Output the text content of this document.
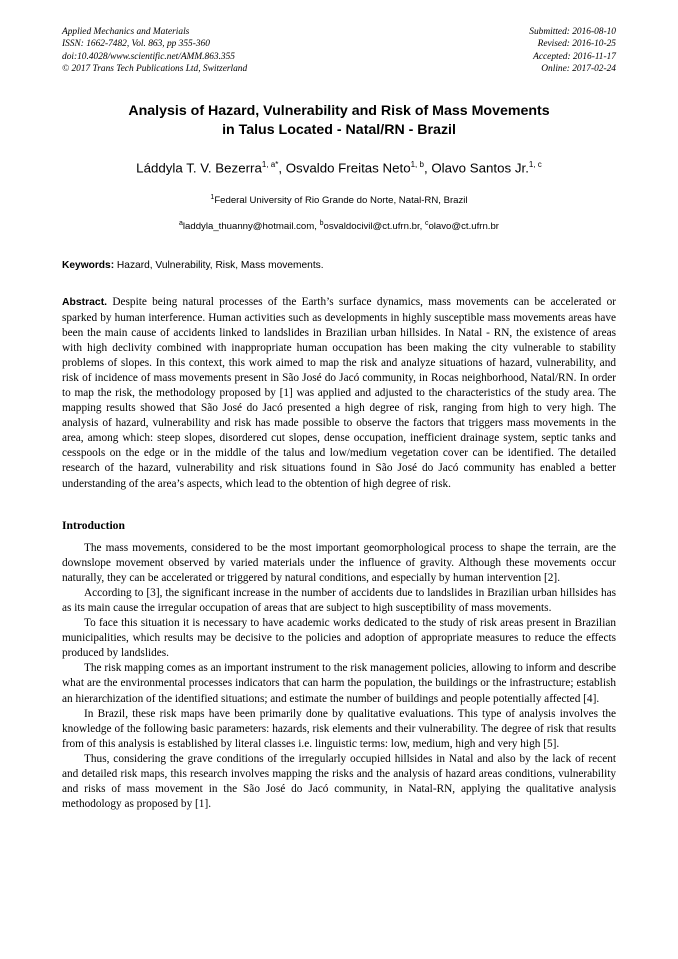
Applied Mechanics and Materials
ISSN: 1662-7482, Vol. 863, pp 355-360
doi:10.4028/www.scientific.net/AMM.863.355
© 2017 Trans Tech Publications Ltd, Switzerland
Submitted: 2016-08-10
Revised: 2016-10-25
Accepted: 2016-11-17
Online: 2017-02-24
Analysis of Hazard, Vulnerability and Risk of Mass Movements
in Talus Located - Natal/RN - Brazil
Láddyla T. V. Bezerra$^{1, a*}$, Osvaldo Freitas Neto$^{1, b}$, Olavo Santos Jr.$^{1, c}$
$^1$Federal University of Rio Grande do Norte, Natal-RN, Brazil
$^a$laddyla_thuanny@hotmail.com, $^b$osvaldocivil@ct.ufrn.br, $^c$olavo@ct.ufrn.br
Keywords: Hazard, Vulnerability, Risk, Mass movements.
Abstract. Despite being natural processes of the Earth’s surface dynamics, mass movements can be accelerated or sparked by human interference. Human activities such as developments in highly susceptible mass movements areas have been the main cause of accidents linked to landslides in Brazilian urban hillsides. In Natal - RN, the existence of areas with high declivity combined with inappropriate human occupation has been making the city vulnerable to stability problems of slopes. In this context, this work aimed to map the risk and analyze situations of hazard, vulnerability, and risk of incidence of mass movements present in São José do Jacó community, in Rocas neighborhood, Natal/RN. In order to map the risk, the methodology proposed by [1] was applied and adjusted to the characteristics of the study area. The mapping results showed that São José do Jacó presented a high degree of risk, ranging from high to very high. The analysis of hazard, vulnerability and risk has made possible to observe the factors that triggers mass movements in the area, among which: steep slopes, disordered cut slopes, dense occupation, inefficient drainage system, septic tanks and cesspools on the edge or in the middle of the talus and low/medium vegetation cover can be identified. The detailed research of the hazard, vulnerability and risk situations found in São José do Jacó community has enabled a better understanding of the area’s aspects, which lead to the obtention of high degree of risk.
Introduction

The mass movements, considered to be the most important geomorphological process to shape the terrain, are the downslope movement observed by varied materials under the influence of gravity. Although these movements occur naturally, they can be accelerated or triggered by natural conditions, and especially by human intervention [2].

According to [3], the significant increase in the number of accidents due to landslides in Brazilian urban hillsides has as its main cause the irregular occupation of areas that are subject to high susceptibility of mass movements.

To face this situation it is necessary to have academic works dedicated to the study of risk areas present in Brazilian municipalities, which results may be decisive to the policies and adoption of appropriate measures to reduce the effects produced by landslides.

The risk mapping comes as an important instrument to the risk management policies, allowing to inform and describe what are the environmental processes indicators that can harm the population, the buildings or the infrastructure; establish an hierarchization of the identified situations; and estimate the number of buildings and people potentially affected [4].

In Brazil, these risk maps have been primarily done by qualitative evaluations. This type of analysis involves the knowledge of the following basic parameters: hazards, risk elements and their vulnerability. The degree of risk that results from of this analysis is established by literal classes i.e. linguistic terms: low, medium, high and very high [5].

Thus, considering the grave conditions of the irregularly occupied hillsides in Natal and also by the lack of recent and detailed risk maps, this research involves mapping the risks and the analysis of hazard areas conditions, vulnerability and risks of mass movement in the São José do Jacó community, in Natal-RN, applying the qualitative analysis methodology as proposed by [1].
